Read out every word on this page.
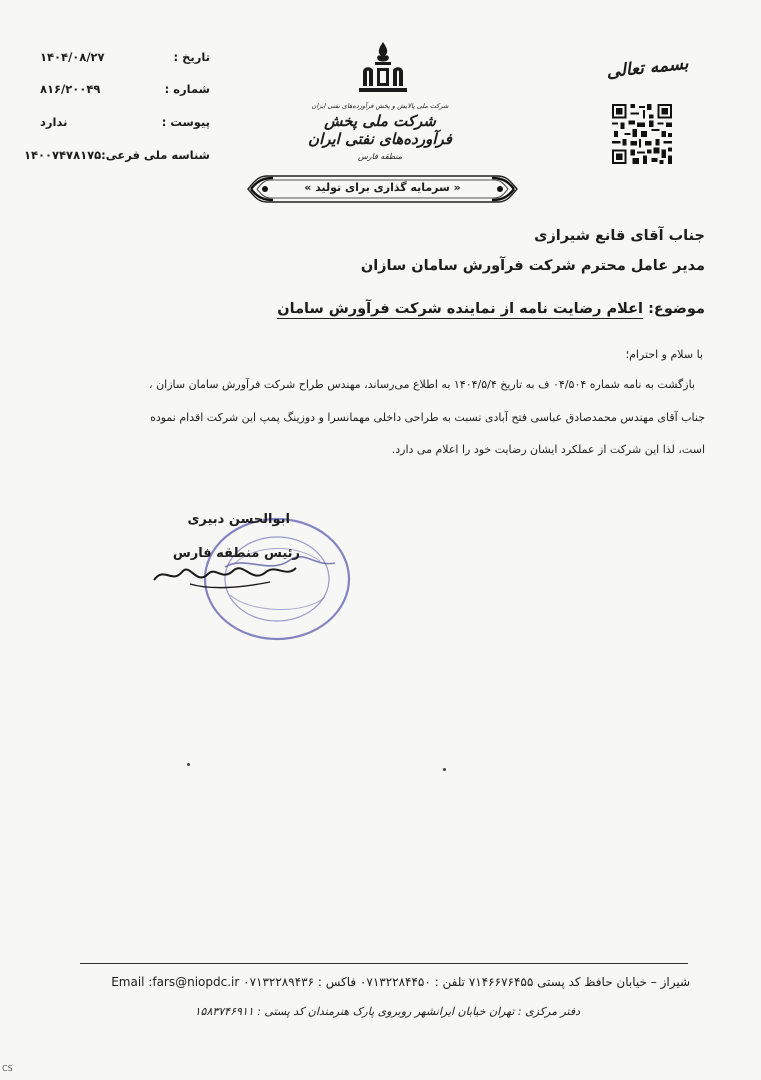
تاریخ :
۱۴۰۴/۰۸/۲۷
شماره :
۸۱۶/۲۰۰۴۹
پیوست :
ندارد
شناسه ملی فرعی:
۱۴۰۰۷۴۷۸۱۷۵
شرکت ملی پالایش و پخش فرآورده‌های نفتی ایران
شرکت ملی پخش فرآورده‌های نفتی ایران
منطقه فارس
« سرمایه گذاری برای تولید »
بسمه تعالی
جناب آقای قانع شیرازی
مدیر عامل محترم شرکت فرآورش سامان سازان
موضوع:
اعلام رضایت نامه از نماینده شرکت فرآورش سامان
با سلام و احترام؛
بازگشت به نامه شماره ۰۴/۵۰۴ ف به تاریخ ۱۴۰۴/۵/۴ به اطلاع می‌رساند، مهندس طراح شرکت فرآورش سامان سازان ،
جناب آقای مهندس محمدصادق عباسی فتح آبادی نسبت به طراحی داخلی مهمانسرا و دوزینگ پمپ این شرکت اقدام نموده
است، لذا این شرکت از عملکرد ایشان رضایت خود را اعلام می دارد.
ابوالحسن دبیری
رئیس منطقه فارس
شیراز – خیابان حافظ کد پستی ۷۱۴۶۶۷۶۴۵۵ تلفن : ۰۷۱۳۲۲۸۴۴۵۰ فاکس : ۰۷۱۳۲۲۸۹۴۳۶ Email :fars@niopdc.ir
دفتر مرکزی : تهران خیابان ایرانشهر روبروی پارک هنرمندان کد پستی : ۱۵۸۳۷۴۶۹۱۱
CS
